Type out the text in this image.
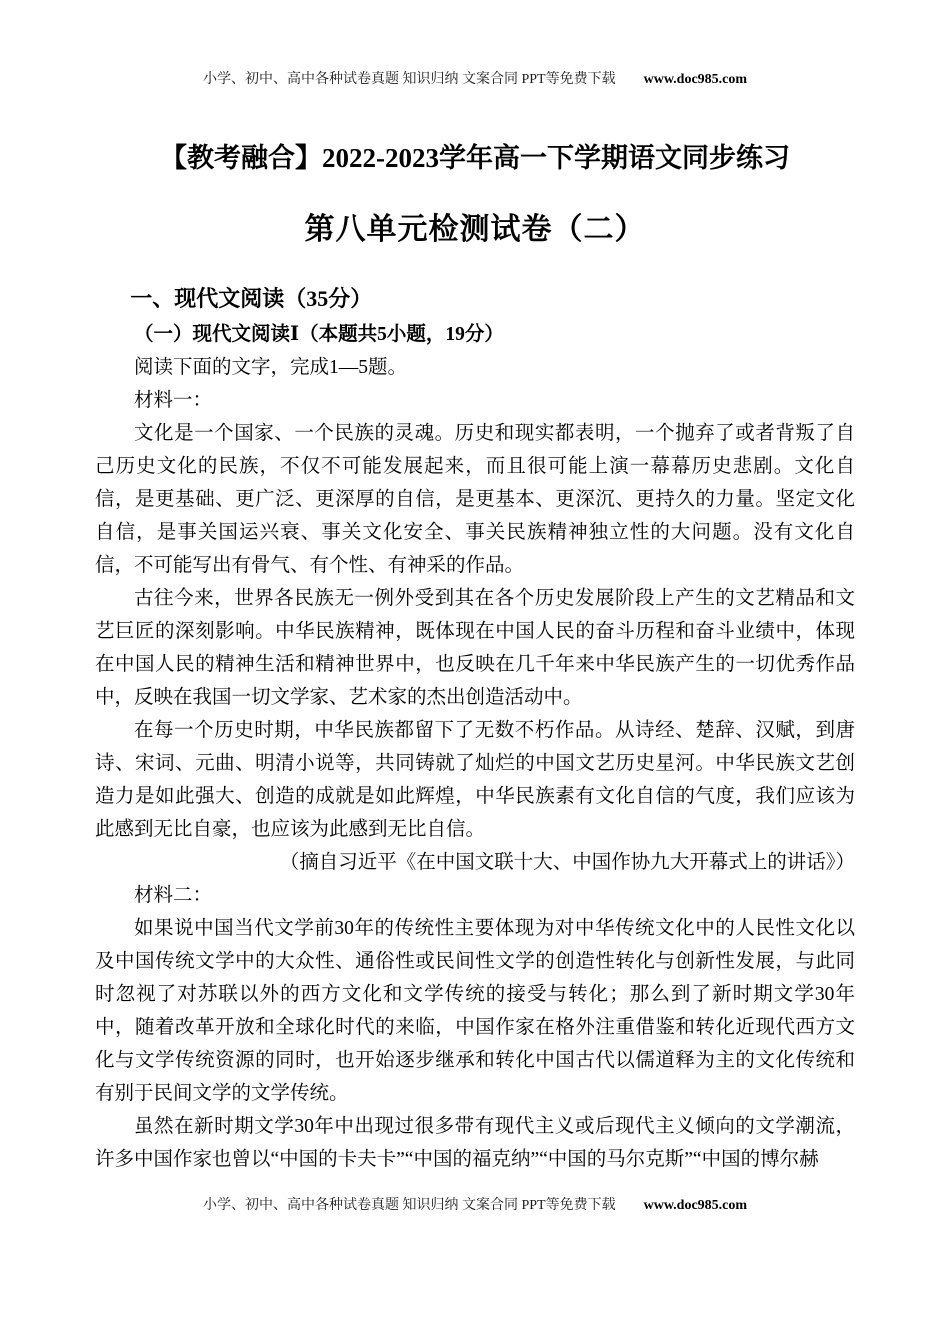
小学、初中、高中各种试卷真题 知识归纳 文案合同 PPT等免费下载 www.doc985.com
【教考融合】2022-2023学年高一下学期语文同步练习
第八单元检测试卷（二）

一、现代文阅读（35分）

（一）现代文阅读Ⅰ（本题共5小题，19分）

阅读下面的文字，完成1—5题。

材料一：

文化是一个国家、一个民族的灵魂。历史和现实都表明，一个抛弃了或者背叛了自己历史文化的民族，不仅不可能发展起来，而且很可能上演一幕幕历史悲剧。文化自信，是更基础、更广泛、更深厚的自信，是更基本、更深沉、更持久的力量。坚定文化自信，是事关国运兴衰、事关文化安全、事关民族精神独立性的大问题。没有文化自信，不可能写出有骨气、有个性、有神采的作品。

古往今来，世界各民族无一例外受到其在各个历史发展阶段上产生的文艺精品和文艺巨匠的深刻影响。中华民族精神，既体现在中国人民的奋斗历程和奋斗业绩中，体现在中国人民的精神生活和精神世界中，也反映在几千年来中华民族产生的一切优秀作品中，反映在我国一切文学家、艺术家的杰出创造活动中。

在每一个历史时期，中华民族都留下了无数不朽作品。从诗经、楚辞、汉赋，到唐诗、宋词、元曲、明清小说等，共同铸就了灿烂的中国文艺历史星河。中华民族文艺创造力是如此强大、创造的成就是如此辉煌，中华民族素有文化自信的气度，我们应该为此感到无比自豪，也应该为此感到无比自信。

（摘自习近平《在中国文联十大、中国作协九大开幕式上的讲话》）

材料二：

如果说中国当代文学前30年的传统性主要体现为对中华传统文化中的人民性文化以及中国传统文学中的大众性、通俗性或民间性文学的创造性转化与创新性发展，与此同时忽视了对苏联以外的西方文化和文学传统的接受与转化；那么到了新时期文学30年中，随着改革开放和全球化时代的来临，中国作家在格外注重借鉴和转化近现代西方文化与文学传统资源的同时，也开始逐步继承和转化中国古代以儒道释为主的文化传统和有别于民间文学的文学传统。

虽然在新时期文学30年中出现过很多带有现代主义或后现代主义倾向的文学潮流，许多中国作家也曾以“中国的卡夫卡”“中国的福克纳”“中国的马尔克斯”“中国的博尔赫

小学、初中、高中各种试卷真题 知识归纳 文案合同 PPT等免费下载 www.doc985.com
